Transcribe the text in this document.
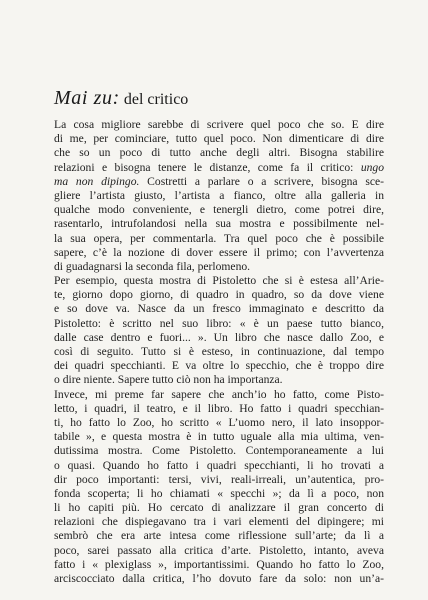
Mai zu: del critico
La cosa migliore sarebbe di scrivere quel poco che so. E dire
di me, per cominciare, tutto quel poco. Non dimenticare di dire
che so un poco di tutto anche degli altri. Bisogna stabilire
relazioni e bisogna tenere le distanze, come fa il critico: ungo
ma non dipingo. Costretti a parlare o a scrivere, bisogna sce-
gliere l’artista giusto, l’artista a fianco, oltre alla galleria in
qualche modo conveniente, e tenergli dietro, come potrei dire,
rasentarlo, intrufolandosi nella sua mostra e possibilmente nel-
la sua opera, per commentarla. Tra quel poco che è possibile
sapere, c’è la nozione di dover essere il primo; con l’avvertenza
di guadagnarsi la seconda fila, perlomeno.
Per esempio, questa mostra di Pistoletto che si è estesa all’Arie-
te, giorno dopo giorno, di quadro in quadro, so da dove viene
e so dove va. Nasce da un fresco immaginato e descritto da
Pistoletto: è scritto nel suo libro: « è un paese tutto bianco,
dalle case dentro e fuori... ». Un libro che nasce dallo Zoo, e
così di seguito. Tutto si è esteso, in continuazione, dal tempo
dei quadri specchianti. E va oltre lo specchio, che è troppo dire
o dire niente. Sapere tutto ciò non ha importanza.
Invece, mi preme far sapere che anch’io ho fatto, come Pisto-
letto, i quadri, il teatro, e il libro. Ho fatto i quadri specchian-
ti, ho fatto lo Zoo, ho scritto « L’uomo nero, il lato insoppor-
tabile », e questa mostra è in tutto uguale alla mia ultima, ven-
dutissima mostra. Come Pistoletto. Contemporaneamente a lui
o quasi. Quando ho fatto i quadri specchianti, li ho trovati a
dir poco importanti: tersi, vivi, reali-irreali, un’autentica, pro-
fonda scoperta; li ho chiamati « specchi »; da lì a poco, non
li ho capiti più. Ho cercato di analizzare il gran concerto di
relazioni che dispiegavano tra i vari elementi del dipingere; mi
sembrò che era arte intesa come riflessione sull’arte; da lì a
poco, sarei passato alla critica d’arte. Pistoletto, intanto, aveva
fatto i « plexiglass », importantissimi. Quando ho fatto lo Zoo,
arciscocciato dalla critica, l’ho dovuto fare da solo: non un’a-
